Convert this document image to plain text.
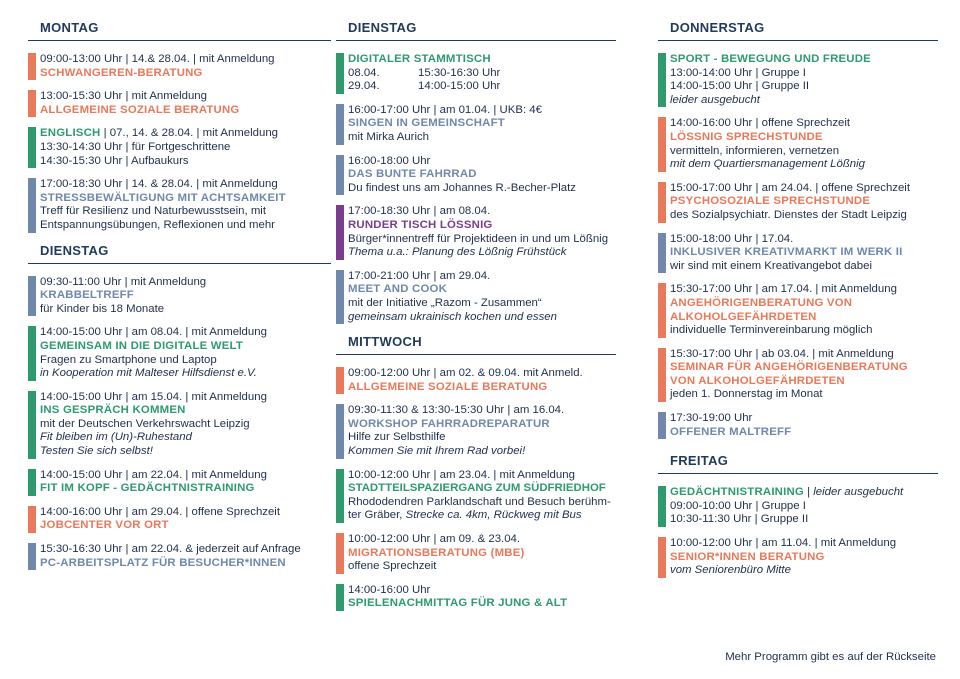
MONTAG
09:00-13:00 Uhr | 14.& 28.04. | mit Anmeldung
SCHWANGEREN-BERATUNG
13:00-15:30 Uhr | mit Anmeldung
ALLGEMEINE SOZIALE BERATUNG
ENGLISCH | 07., 14. & 28.04. | mit Anmeldung
13:30-14:30 Uhr | für Fortgeschrittene
14:30-15:30 Uhr | Aufbaukurs
17:00-18:30 Uhr | 14. & 28.04. | mit Anmeldung
STRESSBEWÄLTIGUNG MIT ACHTSAMKEIT
Treff für Resilienz und Naturbewusstsein, mit
Entspannungsübungen, Reflexionen und mehr
DIENSTAG
09:30-11:00 Uhr | mit Anmeldung
KRABBELTREFF
für Kinder bis 18 Monate
14:00-15:00 Uhr | am 08.04. | mit Anmeldung
GEMEINSAM IN DIE DIGITALE WELT
Fragen zu Smartphone und Laptop
in Kooperation mit Malteser Hilfsdienst e.V.
14:00-15:00 Uhr | am 15.04. | mit Anmeldung
INS GESPRÄCH KOMMEN
mit der Deutschen Verkehrswacht Leipzig
Fit bleiben im (Un)-Ruhestand
Testen Sie sich selbst!
14:00-15:00 Uhr | am 22.04. | mit Anmeldung
FIT IM KOPF - GEDÄCHTNISTRAINING
14:00-16:00 Uhr | am 29.04. | offene Sprechzeit
JOBCENTER VOR ORT
15:30-16:30 Uhr | am 22.04. & jederzeit auf Anfrage
PC-ARBEITSPLATZ FÜR BESUCHER*INNEN
DIENSTAG
DIGITALER STAMMTISCH
08.04.	15:30-16:30 Uhr
29.04.	14:00-15:00 Uhr
16:00-17:00 Uhr | am 01.04. | UKB: 4€
SINGEN IN GEMEINSCHAFT
mit Mirka Aurich
16:00-18:00 Uhr
DAS BUNTE FAHRRAD
Du findest uns am Johannes R.-Becher-Platz
17:00-18:30 Uhr | am 08.04.
RUNDER TISCH LÖSSNIG
Bürger*innentreff für Projektideen in und um Lößnig
Thema u.a.: Planung des Lößnig Frühstück
17:00-21:00 Uhr | am 29.04.
MEET AND COOK
mit der Initiative „Razom - Zusammen“
gemeinsam ukrainisch kochen und essen
MITTWOCH
09:00-12:00 Uhr | am 02. & 09.04. mit Anmeld.
ALLGEMEINE SOZIALE BERATUNG
09:30-11:30 & 13:30-15:30 Uhr | am 16.04.
WORKSHOP FAHRRADREPARATUR
Hilfe zur Selbsthilfe
Kommen Sie mit Ihrem Rad vorbei!
10:00-12:00 Uhr | am 23.04. | mit Anmeldung
STADTTEILSPAZIERGANG ZUM SÜDFRIEDHOF
Rhododendren Parklandschaft und Besuch berühm-
ter Gräber, Strecke ca. 4km, Rückweg mit Bus
10:00-12:00 Uhr | am 09. & 23.04.
MIGRATIONSBERATUNG (MBE)
offene Sprechzeit
14:00-16:00 Uhr
SPIELENACHMITTAG FÜR JUNG & ALT
DONNERSTAG
SPORT - BEWEGUNG UND FREUDE
13:00-14:00 Uhr | Gruppe I
14:00-15:00 Uhr | Gruppe II
leider ausgebucht
14:00-16:00 Uhr | offene Sprechzeit
LÖSSNIG SPRECHSTUNDE
vermitteln, informieren, vernetzen
mit dem Quartiersmanagement Lößnig
15:00-17:00 Uhr | am 24.04. | offene Sprechzeit
PSYCHOSOZIALE SPRECHSTUNDE
des Sozialpsychiatr. Dienstes der Stadt Leipzig
15:00-18:00 Uhr | 17.04.
INKLUSIVER KREATIVMARKT IM WERK II
wir sind mit einem Kreativangebot dabei
15:30-17:00 Uhr | am 17.04. | mit Anmeldung
ANGEHÖRIGENBERATUNG VON
ALKOHOLGEFÄHRDETEN
individuelle Terminvereinbarung möglich
15:30-17:00 Uhr | ab 03.04. | mit Anmeldung
SEMINAR FÜR ANGEHÖRIGENBERATUNG
VON ALKOHOLGEFÄHRDETEN
jeden 1. Donnerstag im Monat
17:30-19:00 Uhr
OFFENER MALTREFF
FREITAG
GEDÄCHTNISTRAINING | leider ausgebucht
09:00-10:00 Uhr | Gruppe I
10:30-11:30 Uhr | Gruppe II
10:00-12:00 Uhr | am 11.04. | mit Anmeldung
SENIOR*INNEN BERATUNG
vom Seniorenbüro Mitte
Mehr Programm gibt es auf der Rückseite
